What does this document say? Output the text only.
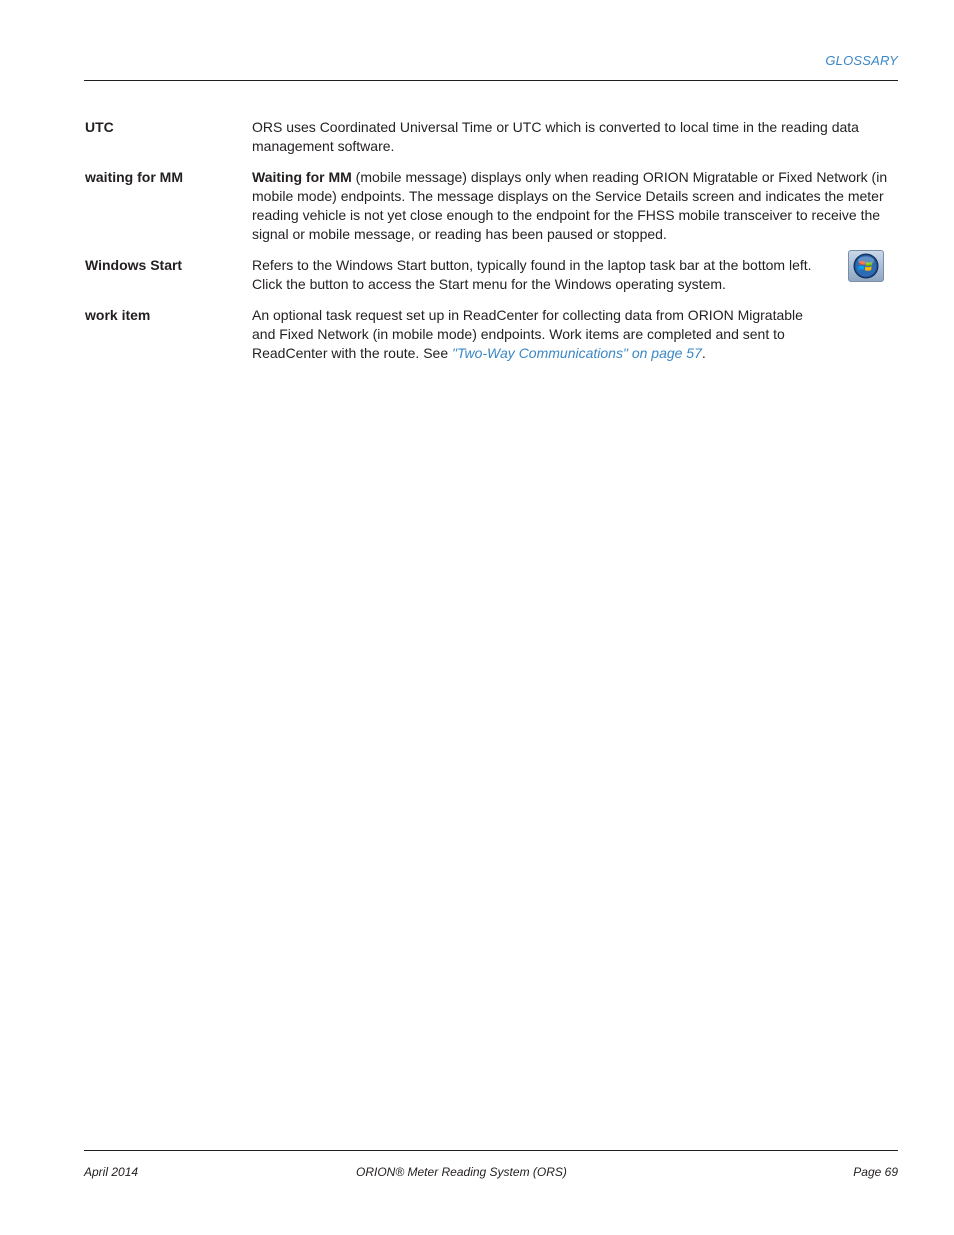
GLOSSARY
UTC	ORS uses Coordinated Universal Time or UTC which is converted to local time in the reading data management software.
waiting for MM	Waiting for MM (mobile message) displays only when reading ORION Migratable or Fixed Network (in mobile mode) endpoints. The message displays on the Service Details screen and indicates the meter reading vehicle is not yet close enough to the endpoint for the FHSS mobile transceiver to receive the signal or mobile message, or reading has been paused or stopped.
Windows Start	Refers to the Windows Start button, typically found in the laptop task bar at the bottom left. Click the button to access the Start menu for the Windows operating system.
work item	An optional task request set up in ReadCenter for collecting data from ORION Migratable
and Fixed Network (in mobile mode) endpoints. Work items are completed and sent to
ReadCenter with the route. See "Two-Way Communications" on page 57.
April 2014	ORION® Meter Reading System (ORS)	Page 69
